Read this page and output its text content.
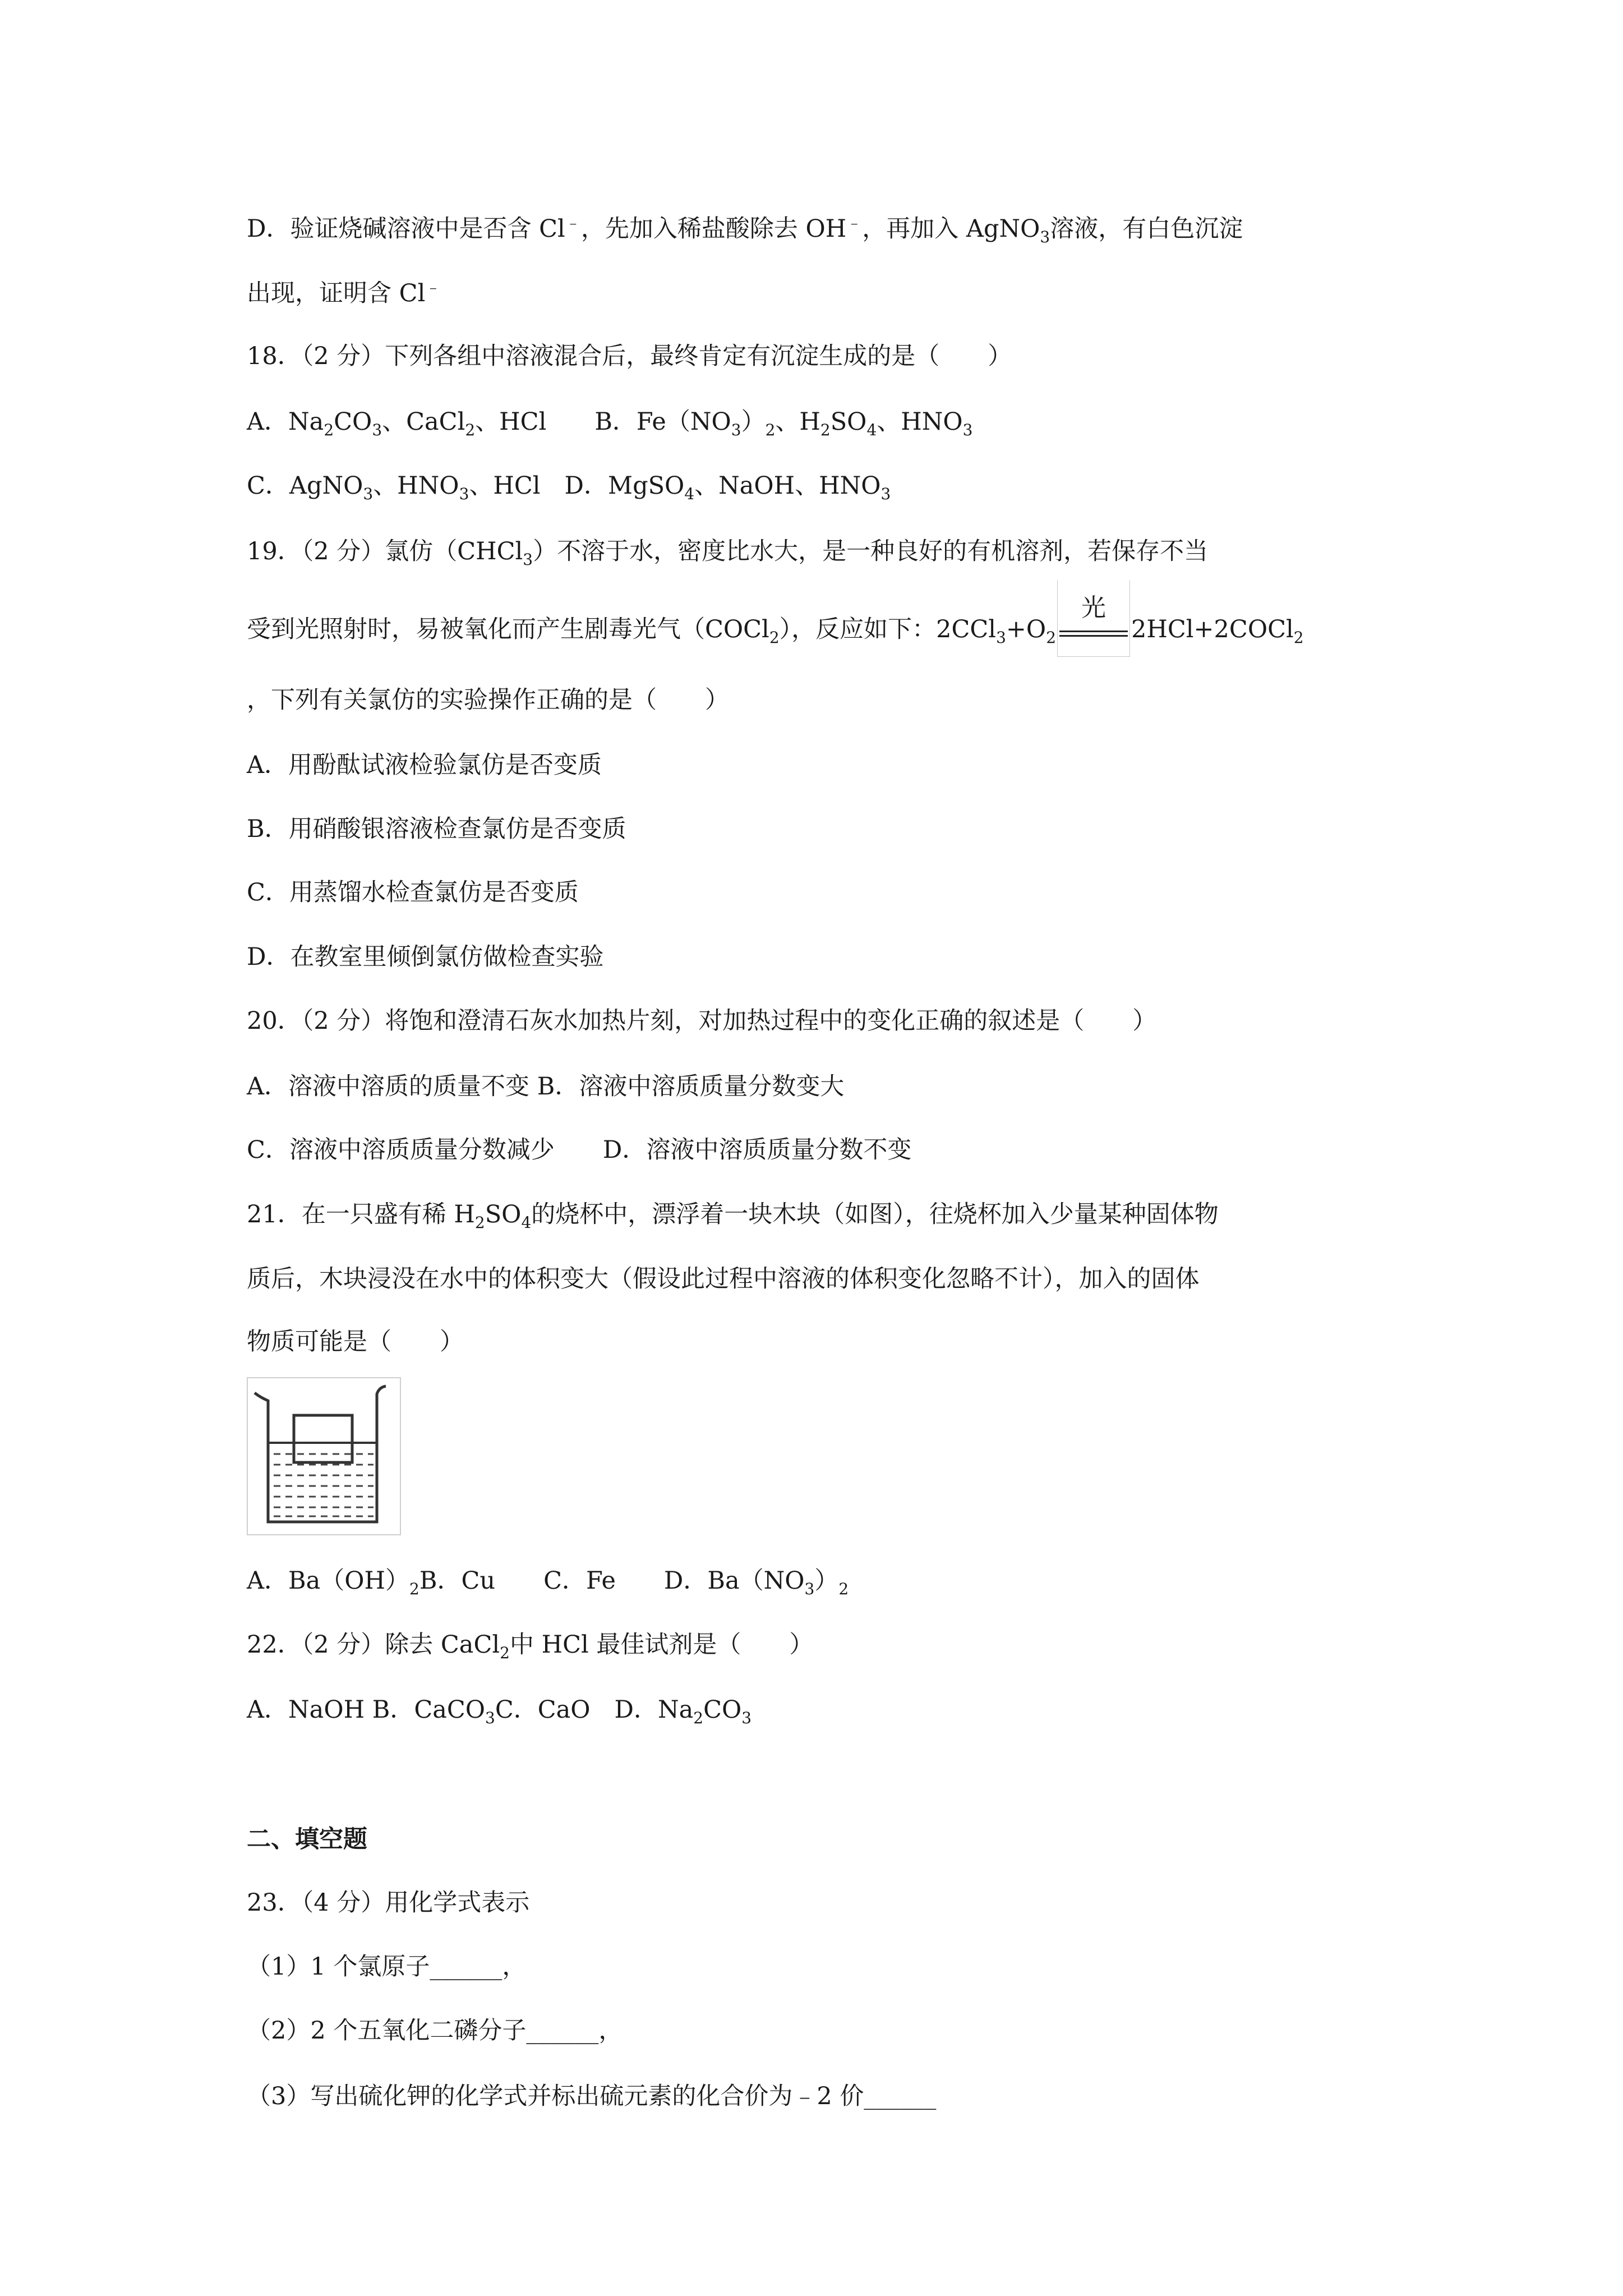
D．验证烧碱溶液中是否含 Cl﹣，先加入稀盐酸除去 OH﹣，再加入 AgNO$_3$溶液，有白色沉淀
出现，证明含 Cl﹣
18．（2 分）下列各组中溶液混合后，最终肯定有沉淀生成的是（　　）
A．$Na_2CO_3$、CaCl$_2$、HCl　　B．$Fe(NO_3)_2$、$H_2SO_4$、$HNO_3$
C．AgNO$_3$、$HNO_3$、HCl　D．MgSO$_4$、NaOH、$HNO_3$
19．（2 分）氯仿（CHCl$_3$）不溶于水，密度比水大，是一种良好的有机溶剂，若保存不当
受到光照射时，易被氧化而产生剧毒光气（COCl$_2$），反应如下：$2CCl_3+O_2$
光
2HCl+2COCl$_2$
，下列有关氯仿的实验操作正确的是（　　）
A．用酚酞试液检验氯仿是否变质
B．用硝酸银溶液检查氯仿是否变质
C．用蒸馏水检查氯仿是否变质
D．在教室里倾倒氯仿做检查实验
20．（2 分）将饱和澄清石灰水加热片刻，对加热过程中的变化正确的叙述是（　　）
A．溶液中溶质的质量不变 B．溶液中溶质质量分数变大
C．溶液中溶质质量分数减少　　D．溶液中溶质质量分数不变
21．在一只盛有稀 $H_2SO_4$的烧杯中，漂浮着一块木块（如图），往烧杯加入少量某种固体物
质后，木块浸没在水中的体积变大（假设此过程中溶液的体积变化忽略不计），加入的固体
物质可能是（　　）
A．$Ba(OH)_2B$．Cu　　C．Fe　　D．$Ba(NO_3)_2$
22．（2 分）除去 CaCl$_2$中 HCl 最佳试剂是（　　）
A．NaOH B．CaCO$_3$C．CaO　D．$Na_2CO_3$
二、填空题
23．（4 分）用化学式表示
（1）1 个氯原子______，
（2）2 个五氧化二磷分子______，
（3）写出硫化钾的化学式并标出硫元素的化合价为﹣2 价______
